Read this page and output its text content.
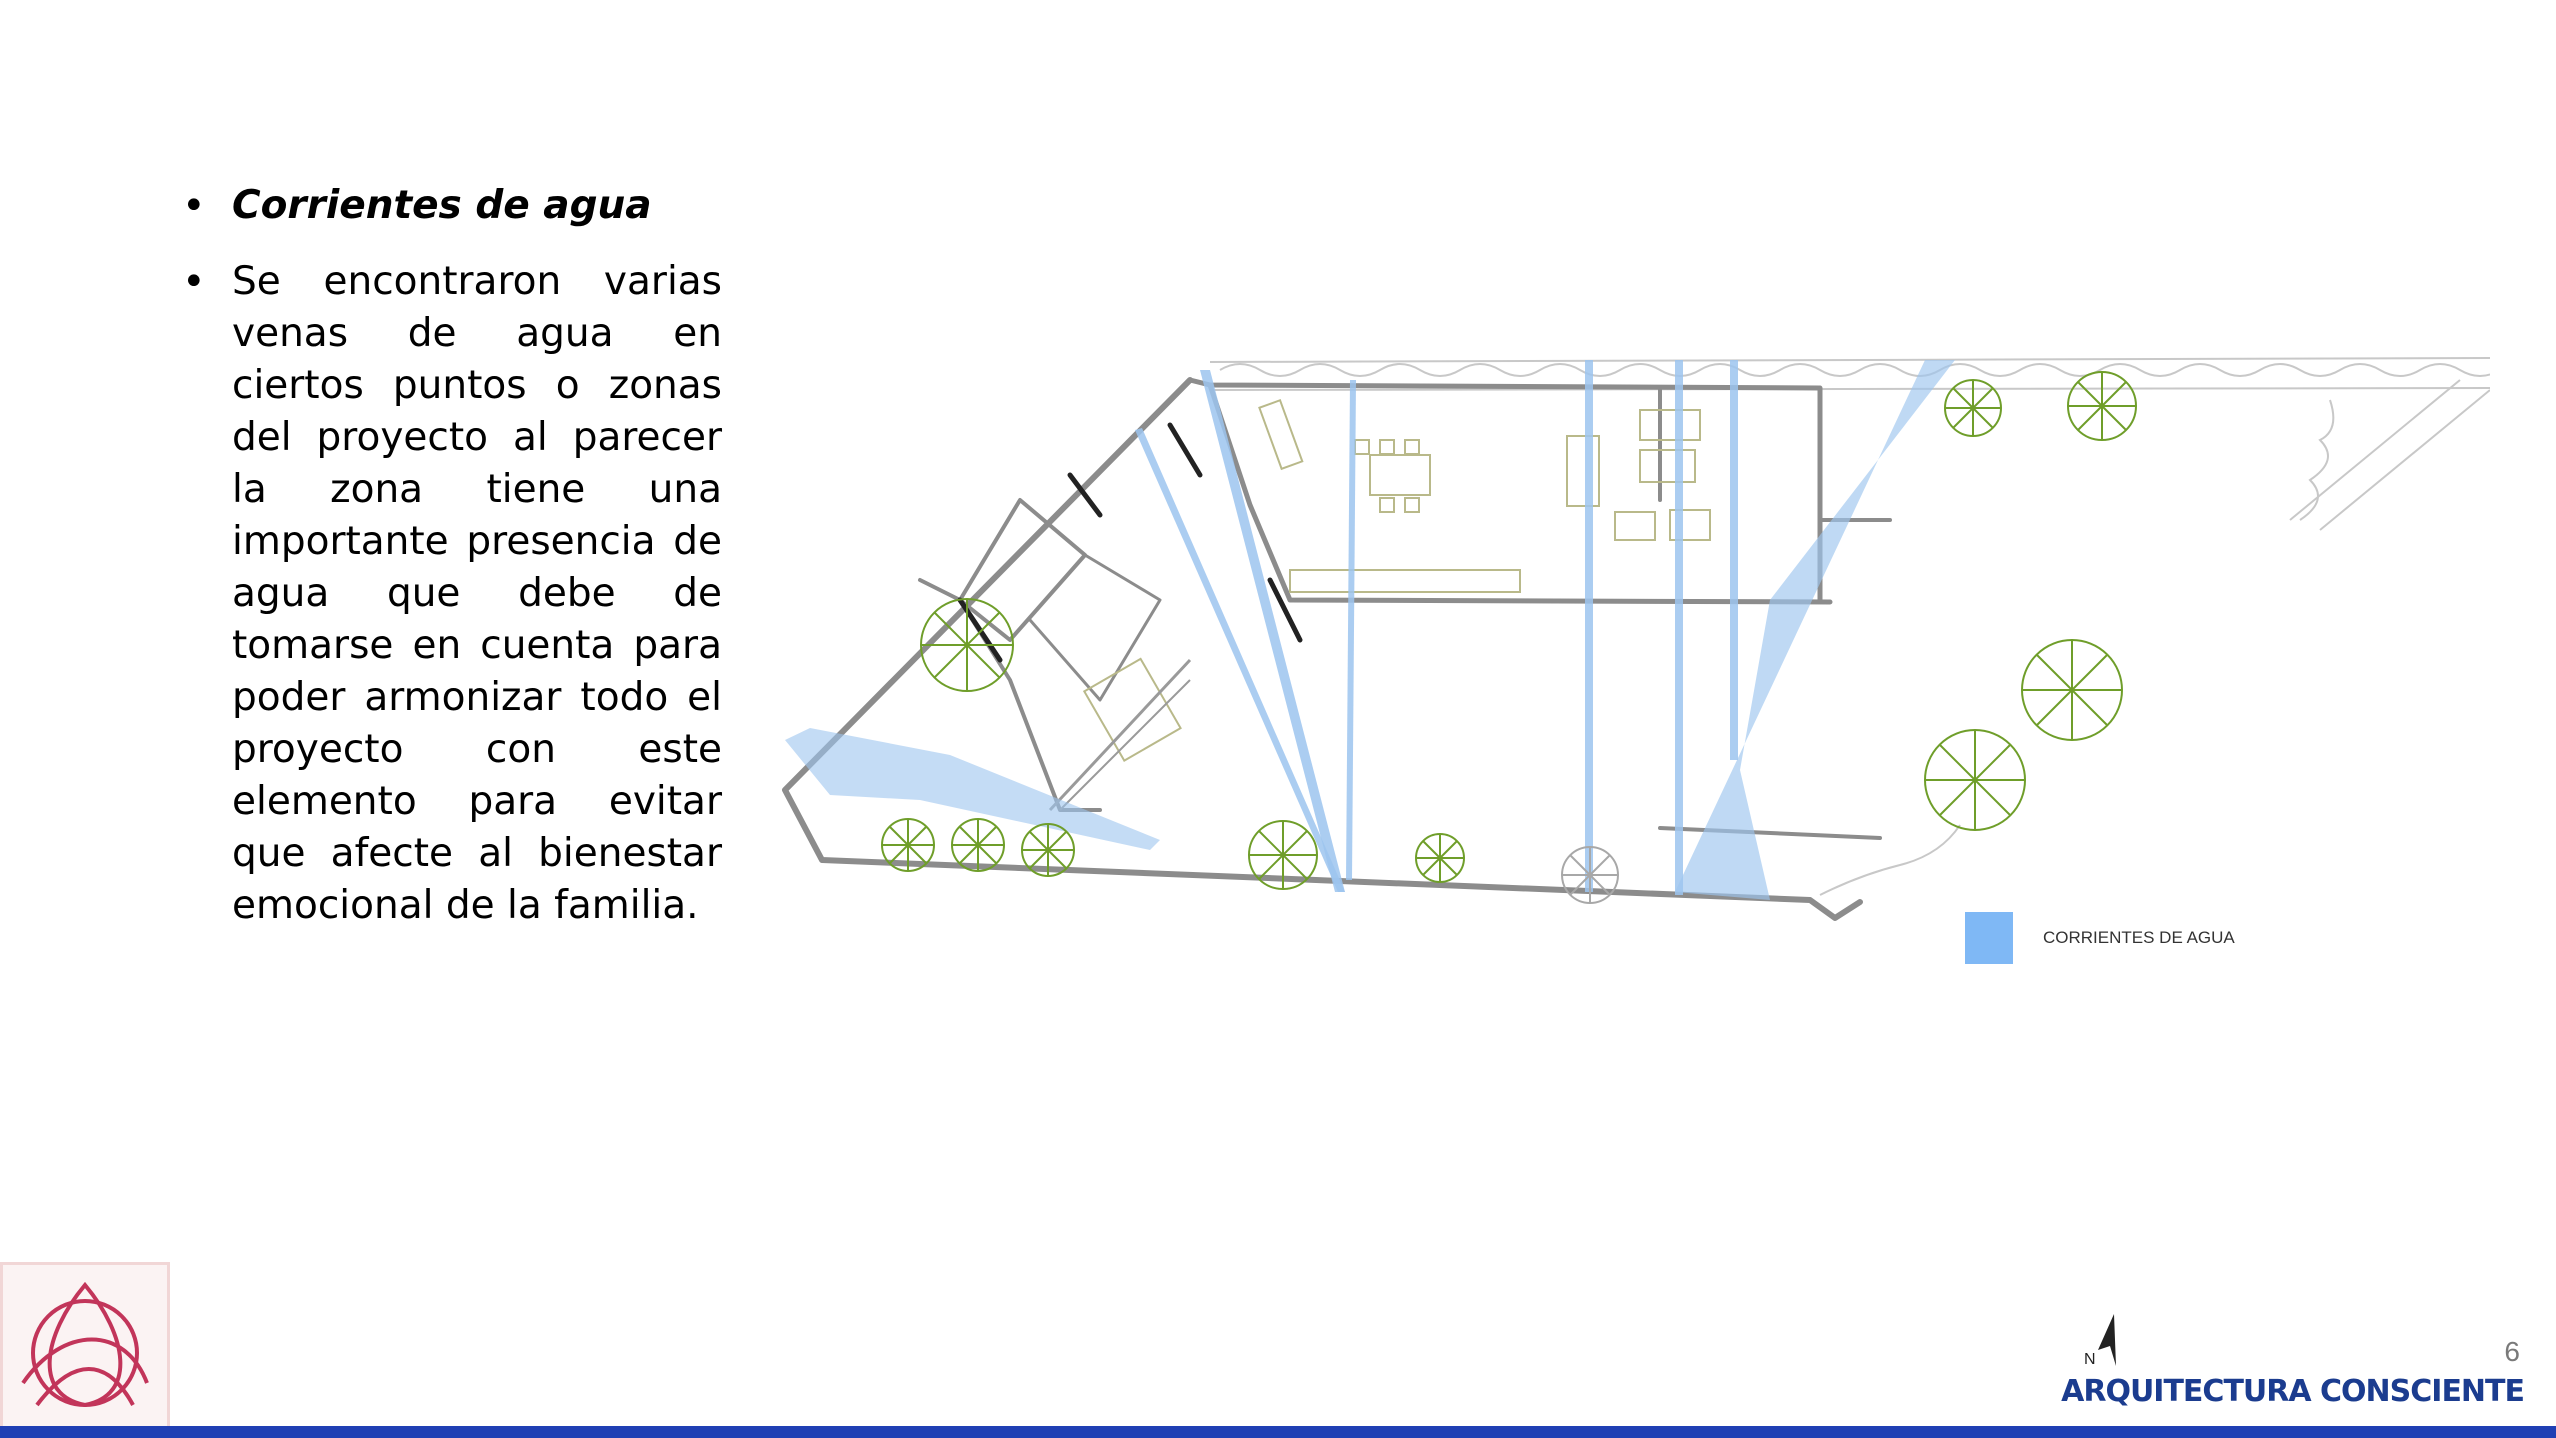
• Corrientes de agua
• Se encontraron varias venas de agua en ciertos puntos o zonas del proyecto al parecer la zona tiene una importante presencia de agua que debe de tomarse en cuenta para poder armonizar todo el proyecto con este elemento para evitar que afecte al bienestar emocional de la familia.
CORRIENTES DE AGUA
N	6
ARQUITECTURA CONSCIENTE
